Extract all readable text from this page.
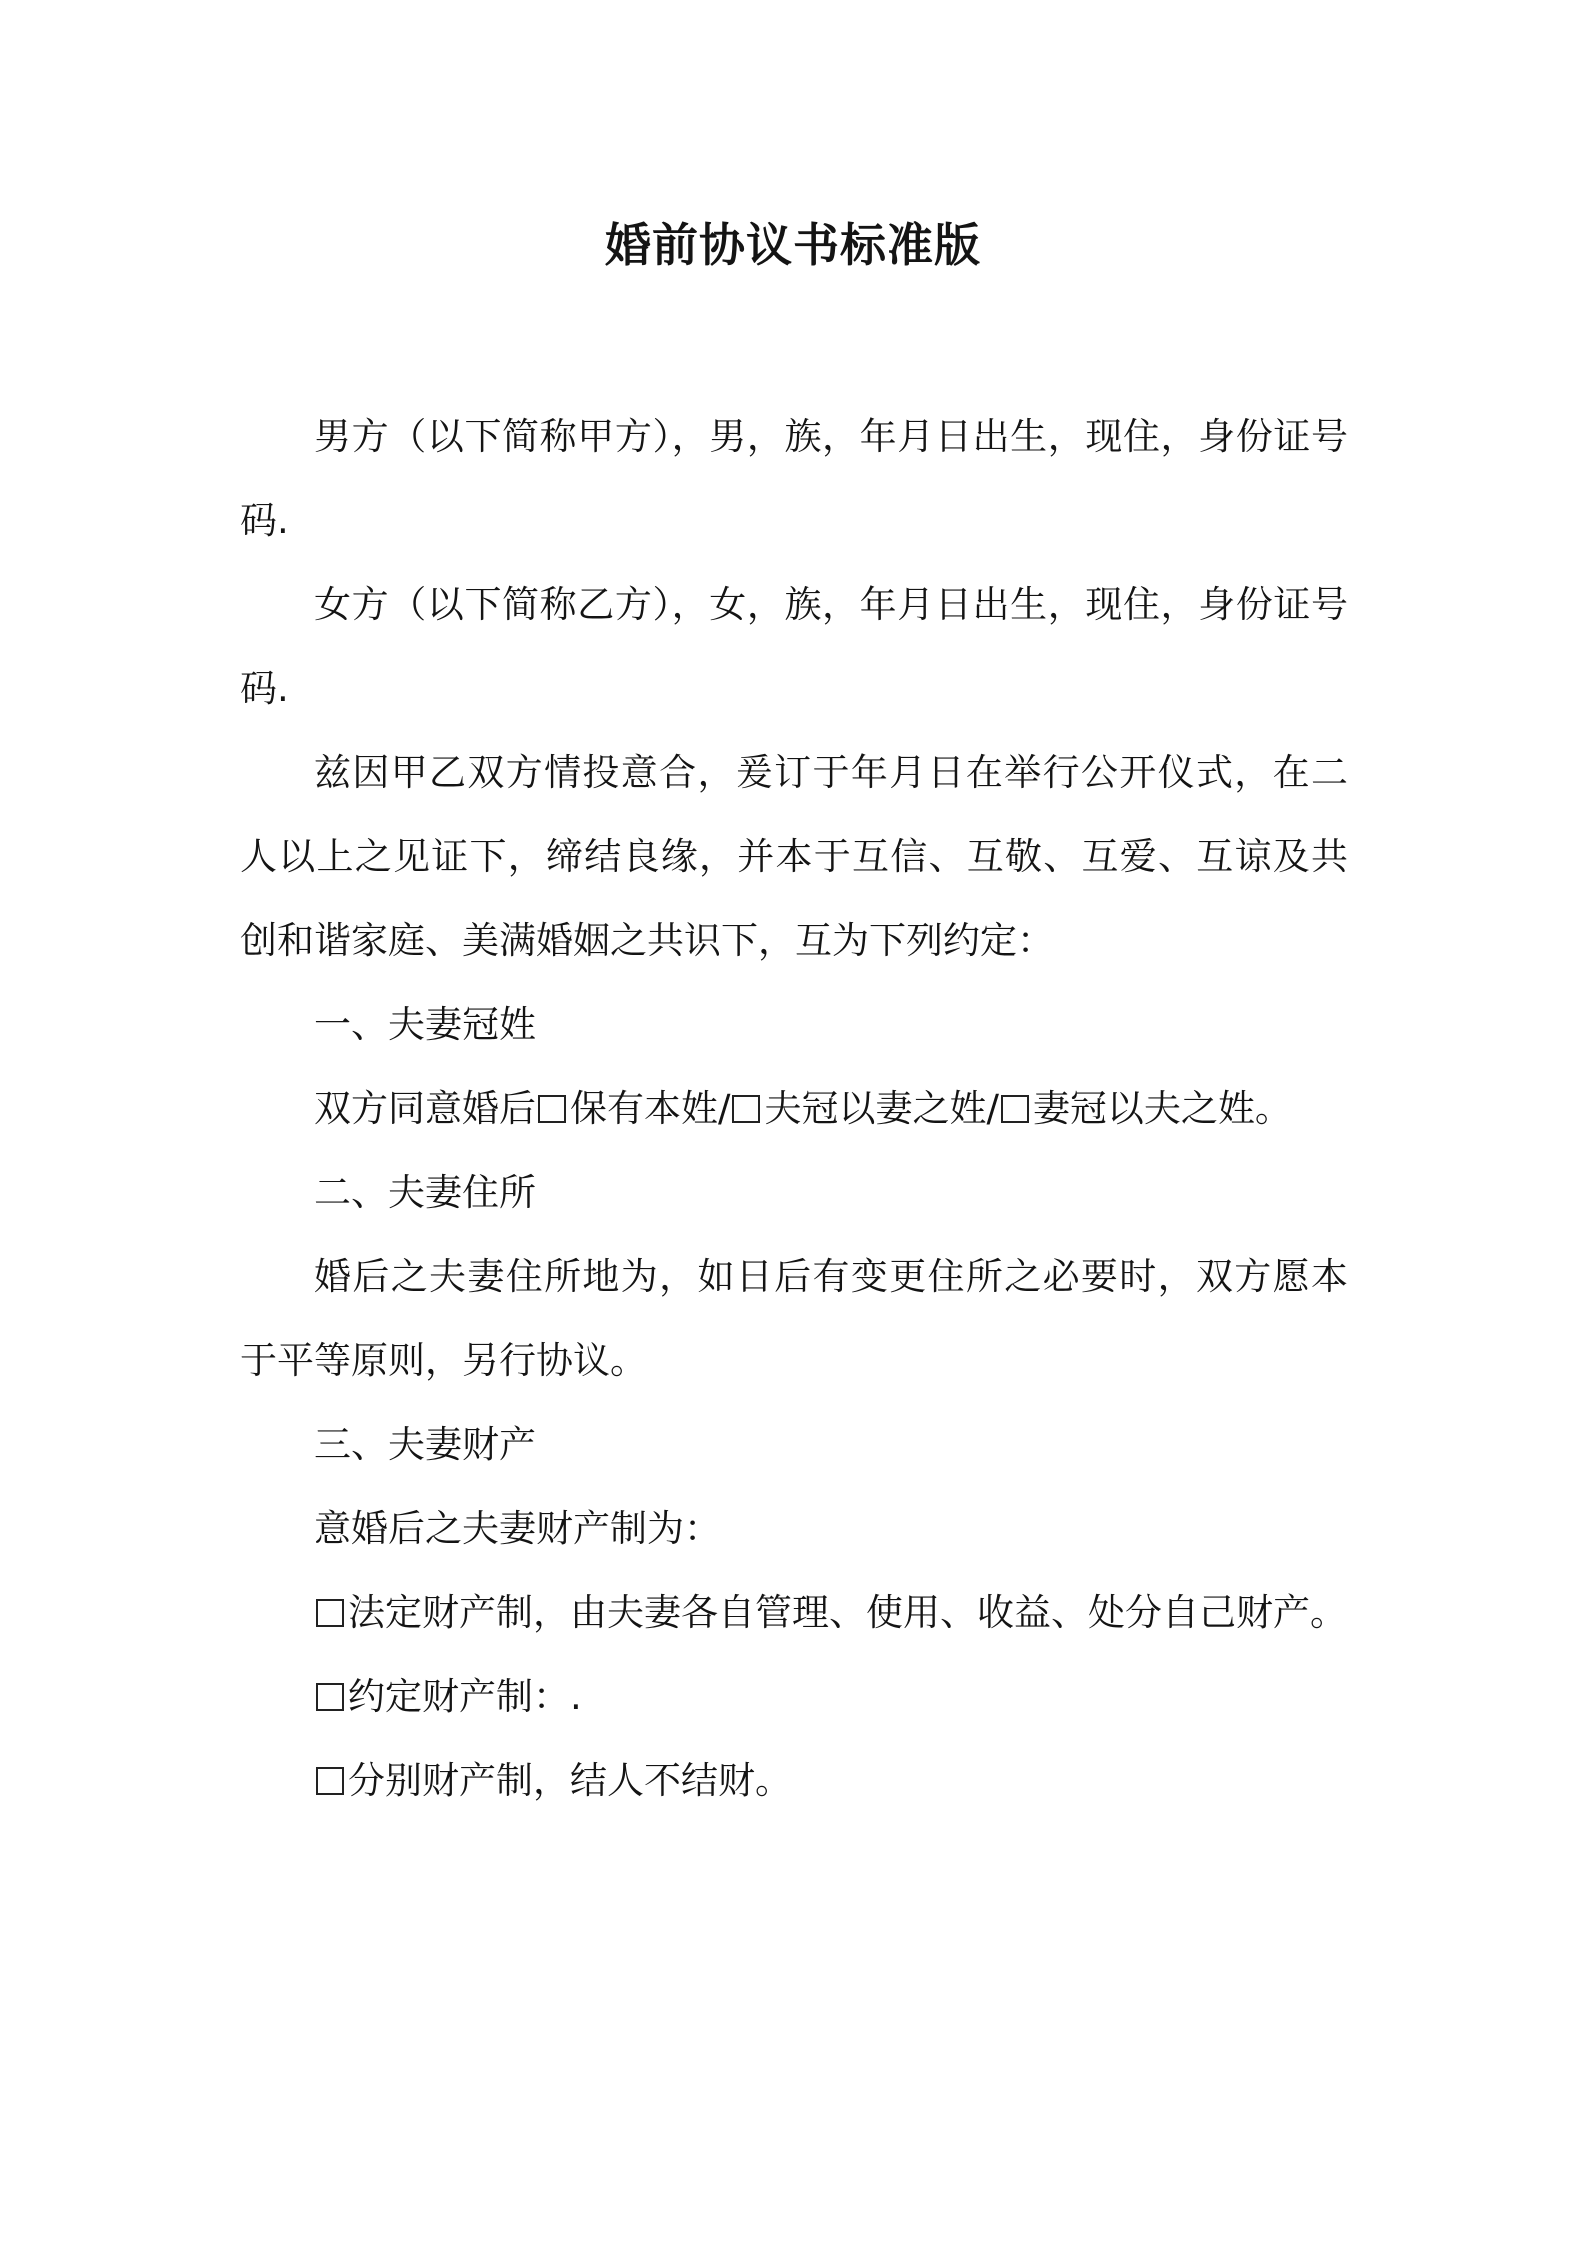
婚前协议书标准版

男方（以下简称甲方），男，族，年月日出生，现住，身份证号码.

女方（以下简称乙方），女，族，年月日出生，现住，身份证号码.

兹因甲乙双方情投意合，爰订于年月日在举行公开仪式，在二人以上之见证下，缔结良缘，并本于互信、互敬、互爱、互谅及共创和谐家庭、美满婚姻之共识下，互为下列约定：

一、夫妻冠姓

双方同意婚后 保有本姓/ 夫冠以妻之姓/ 妻冠以夫之姓。

二、夫妻住所

婚后之夫妻住所地为，如日后有变更住所之必要时，双方愿本于平等原则，另行协议。

三、夫妻财产

意婚后之夫妻财产制为：

法定财产制，由夫妻各自管理、使用、收益、处分自己财产。

约定财产制：.

分别财产制，结人不结财。
